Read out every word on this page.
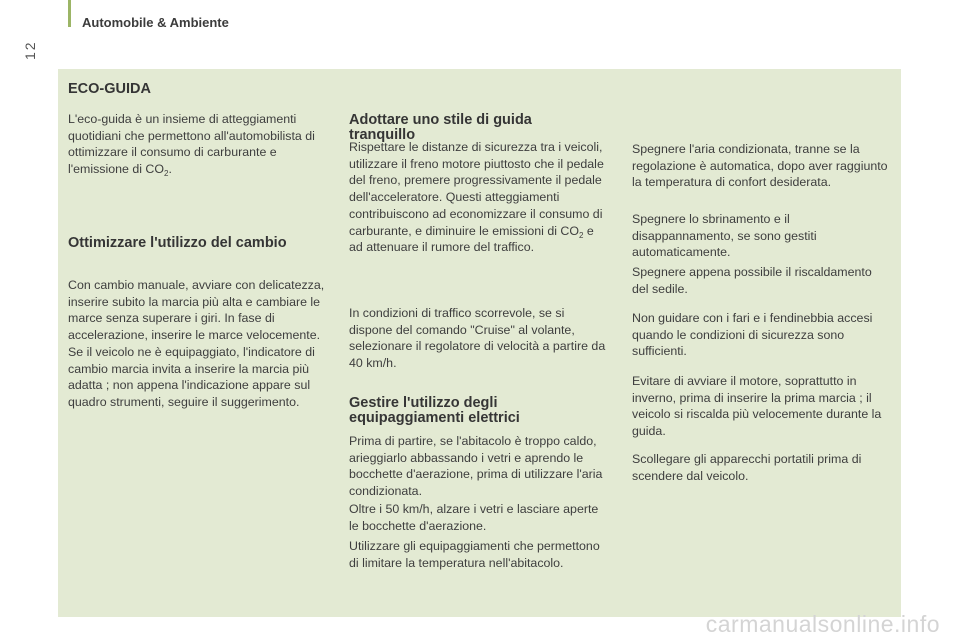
Automobile & Ambiente
12
ECO-GUIDA

L'eco-guida è un insieme di atteggiamenti quotidiani che permettono all'automobilista di ottimizzare il consumo di carburante e l'emissione di $CO_2$.

Ottimizzare l'utilizzo del cambio

Con cambio manuale, avviare con delicatezza, inserire subito la marcia più alta e cambiare le marce senza superare i giri. In fase di accelerazione, inserire le marce velocemente. Se il veicolo ne è equipaggiato, l'indicatore di cambio marcia invita a inserire la marcia più adatta ; non appena l'indicazione appare sul quadro strumenti, seguire il suggerimento.

Adottare uno stile di guida tranquillo

Rispettare le distanze di sicurezza tra i veicoli, utilizzare il freno motore piuttosto che il pedale del freno, premere progressivamente il pedale dell'acceleratore. Questi atteggiamenti contribuiscono ad economizzare il consumo di carburante, e diminuire le emissioni di $CO_2$ e ad attenuare il rumore del traffico.

In condizioni di traffico scorrevole, se si dispone del comando "Cruise" al volante, selezionare il regolatore di velocità a partire da 40 km/h.

Gestire l'utilizzo degli equipaggiamenti elettrici

Prima di partire, se l'abitacolo è troppo caldo, arieggiarlo abbassando i vetri e aprendo le bocchette d'aerazione, prima di utilizzare l'aria condizionata.

Oltre i 50 km/h, alzare i vetri e lasciare aperte le bocchette d'aerazione.

Utilizzare gli equipaggiamenti che permettono di limitare la temperatura nell'abitacolo.

Spegnere l'aria condizionata, tranne se la regolazione è automatica, dopo aver raggiunto la temperatura di confort desiderata.

Spegnere lo sbrinamento e il disappannamento, se sono gestiti automaticamente.

Spegnere appena possibile il riscaldamento del sedile.

Non guidare con i fari e i fendinebbia accesi quando le condizioni di sicurezza sono sufficienti.

Evitare di avviare il motore, soprattutto in inverno, prima di inserire la prima marcia ; il veicolo si riscalda più velocemente durante la guida.

Scollegare gli apparecchi portatili prima di scendere dal veicolo.

carmanualsonline.info
